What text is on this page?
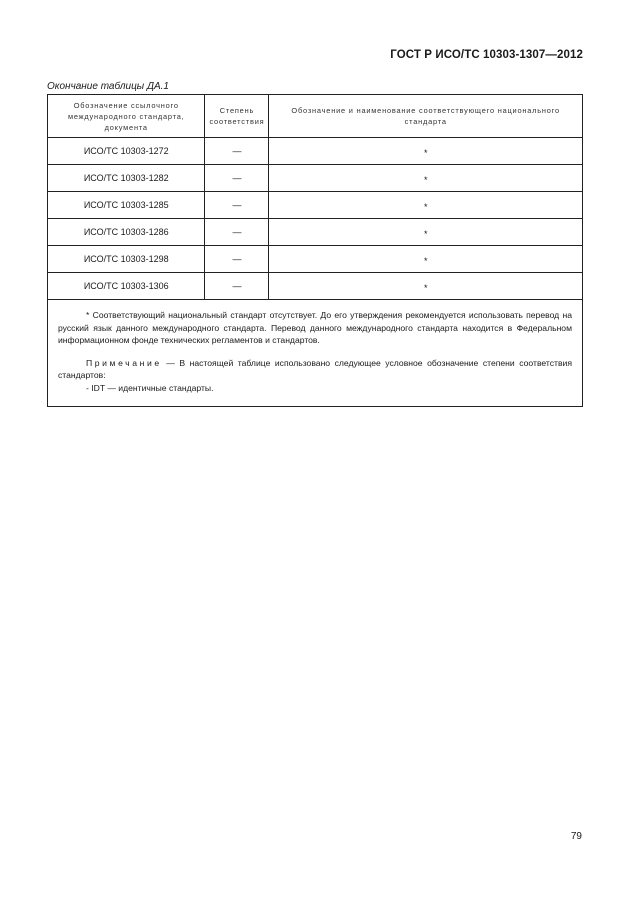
ГОСТ Р ИСО/ТС 10303-1307—2012
Окончание таблицы ДА.1
Обозначение ссылочного международного стандарта, документа	Степень соответствия	Обозначение и наименование соответствующего национального стандарта
ИСО/ТС 10303-1272	—	*
ИСО/ТС 10303-1282	—	*
ИСО/ТС 10303-1285	—	*
ИСО/ТС 10303-1286	—	*
ИСО/ТС 10303-1298	—	*
ИСО/ТС 10303-1306	—	*

* Соответствующий национальный стандарт отсутствует. До его утверждения рекомендуется использовать перевод на русский язык данного международного стандарта. Перевод данного международного стандарта находится в Федеральном информационном фонде технических регламентов и стандартов.

Примечание — В настоящей таблице использовано следующее условное обозначение степени соответствия стандартов:

- IDT — идентичные стандарты.		

79
